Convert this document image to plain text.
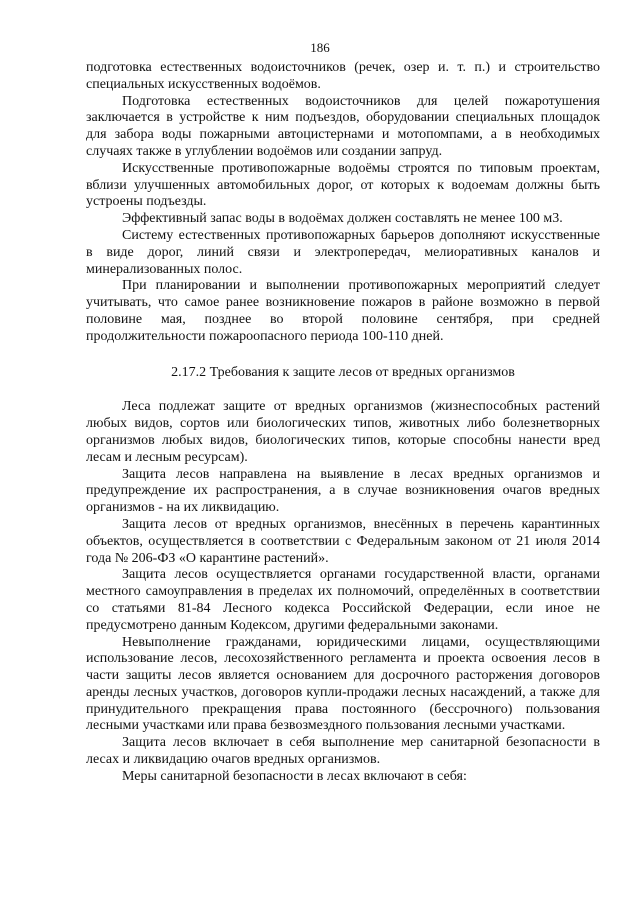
186

подготовка естественных водоисточников (речек, озер и. т. п.) и строительство специальных искусственных водоёмов.

Подготовка естественных водоисточников для целей пожаротушения заключается в устройстве к ним подъездов, оборудовании специальных площадок для забора воды пожарными автоцистернами и мотопомпами, а в необходимых случаях также в углублении водоёмов или создании запруд.

Искусственные противопожарные водоёмы строятся по типовым проектам, вблизи улучшенных автомобильных дорог, от которых к водоемам должны быть устроены подъезды.

Эффективный запас воды в водоёмах должен составлять не менее 100 м3.

Систему естественных противопожарных барьеров дополняют искусственные в виде дорог, линий связи и электропередач, мелиоративных каналов и минерализованных полос.

При планировании и выполнении противопожарных мероприятий следует учитывать, что самое ранее возникновение пожаров в районе возможно в первой половине мая, позднее во второй половине сентября, при средней продолжительности пожароопасного периода 100-110 дней.

2.17.2 Требования к защите лесов от вредных организмов

Леса подлежат защите от вредных организмов (жизнеспособных растений любых видов, сортов или биологических типов, животных либо болезнетворных организмов любых видов, биологических типов, которые способны нанести вред лесам и лесным ресурсам).

Защита лесов направлена на выявление в лесах вредных организмов и предупреждение их распространения, а в случае возникновения очагов вредных организмов - на их ликвидацию.

Защита лесов от вредных организмов, внесённых в перечень карантинных объектов, осуществляется в соответствии с Федеральным законом от 21 июля 2014 года № 206-ФЗ «О карантине растений».

Защита лесов осуществляется органами государственной власти, органами местного самоуправления в пределах их полномочий, определённых в соответствии со статьями 81-84 Лесного кодекса Российской Федерации, если иное не предусмотрено данным Кодексом, другими федеральными законами.

Невыполнение гражданами, юридическими лицами, осуществляющими использование лесов, лесохозяйственного регламента и проекта освоения лесов в части защиты лесов является основанием для досрочного расторжения договоров аренды лесных участков, договоров купли-продажи лесных насаждений, а также для принудительного прекращения права постоянного (бессрочного) пользования лесными участками или права безвозмездного пользования лесными участками.

Защита лесов включает в себя выполнение мер санитарной безопасности в лесах и ликвидацию очагов вредных организмов.

Меры санитарной безопасности в лесах включают в себя:
